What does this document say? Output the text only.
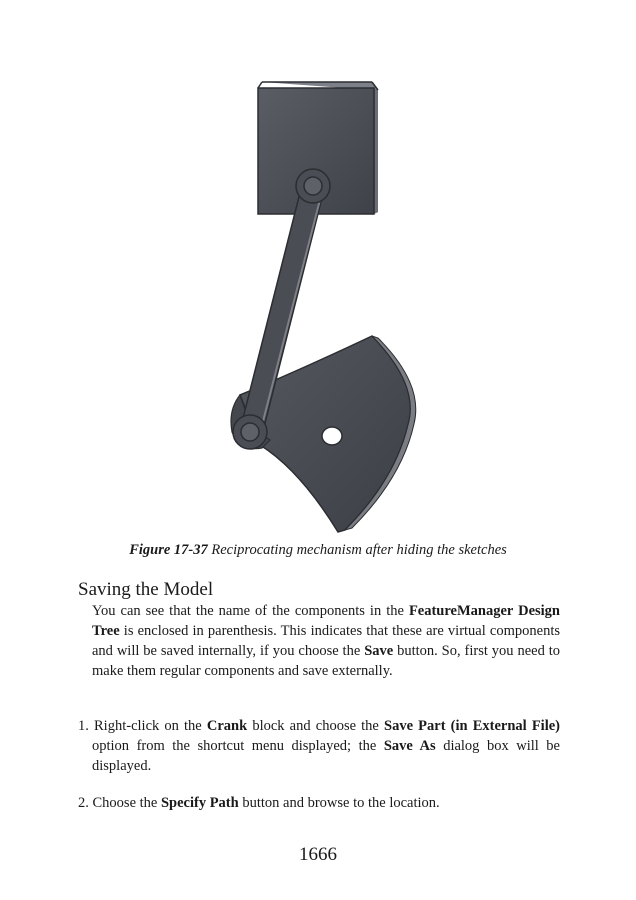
Figure 17-37 Reciprocating mechanism after hiding the sketches
Saving the Model

You can see that the name of the components in the FeatureManager Design Tree is enclosed in parenthesis. This indicates that these are virtual components and will be saved internally, if you choose the Save button. So, first you need to make them regular components and save externally.

1. Right-click on the Crank block and choose the Save Part (in External File) option from the shortcut menu displayed; the Save As dialog box will be displayed.

2. Choose the Specify Path button and browse to the location.

1666
